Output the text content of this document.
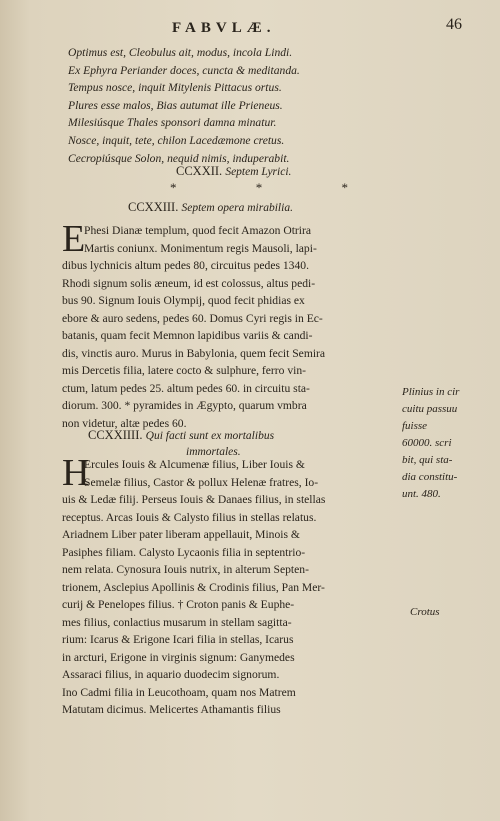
FABVLÆ.	46
Optimus est, Cleobulus ait, modus, incola Lindi.
Ex Ephyra Periander doces, cuncta & meditanda.
Tempus nosce, inquit Mitylenis Pittacus ortus.
Plures esse malos, Bias autumat ille Prieneus.
Milesiúsque Thales sponsori damna minatur.
Nosce, inquit, tete, chilon Lacedæmone cretus.
Cecropiúsque Solon, nequid nimis, induperabit.
CCXXII. Septem Lyrici.
* * *
CCXXIII. Septem opera mirabilia.
E
Phesi Dianæ templum, quod fecit Amazon Otrira
Martis coniunx. Monimentum regis Mausoli, lapi-
dibus lychnicis altum pedes 80, circuitus pedes 1340.
Rhodi signum solis æneum, id est colossus, altus pedi-
bus 90. Signum Iouis Olympij, quod fecit phidias ex
ebore & auro sedens, pedes 60. Domus Cyri regis in Ec-
batanis, quam fecit Memnon lapidibus variis & candi-
dis, vinctis auro. Murus in Babylonia, quem fecit Semira
mis Dercetis filia, latere cocto & sulphure, ferro vin-
ctum, latum pedes 25. altum pedes 60. in circuitu sta-
diorum. 300. * pyramides in Ægypto, quarum vmbra
non videtur, altæ pedes 60.
CCXXIIII. Qui facti sunt ex mortalibus
immortales.
H
Ercules Iouis & Alcumenæ filius, Liber Iouis &
Semelæ filius, Castor & pollux Helenæ fratres, Io-
uis & Ledæ filij. Perseus Iouis & Danaes filius, in stellas
receptus. Arcas Iouis & Calysto filius in stellas relatus.
Ariadnem Liber pater liberam appellauit, Minois &
Pasiphes filiam. Calysto Lycaonis filia in septentrio-
nem relata. Cynosura Iouis nutrix, in alterum Septen-
trionem, Asclepius Apollinis & Crodinis filius, Pan Mer-
curij & Penelopes filius. † Croton panis & Euphe-
mes filius, conlactius musarum in stellam sagitta-
rium: Icarus & Erigone Icari filia in stellas, Icarus
in arcturi, Erigone in virginis signum: Ganymedes
Assaraci filius, in aquario duodecim signorum.
Ino Cadmi filia in Leucothoam, quam nos Matrem
Matutam dicimus. Melicertes Athamantis filius
Plinius in cir
cuitu passuu
fuisse
60000. scri
bit, qui sta-
dia constitu-
unt. 480.
Crotus
